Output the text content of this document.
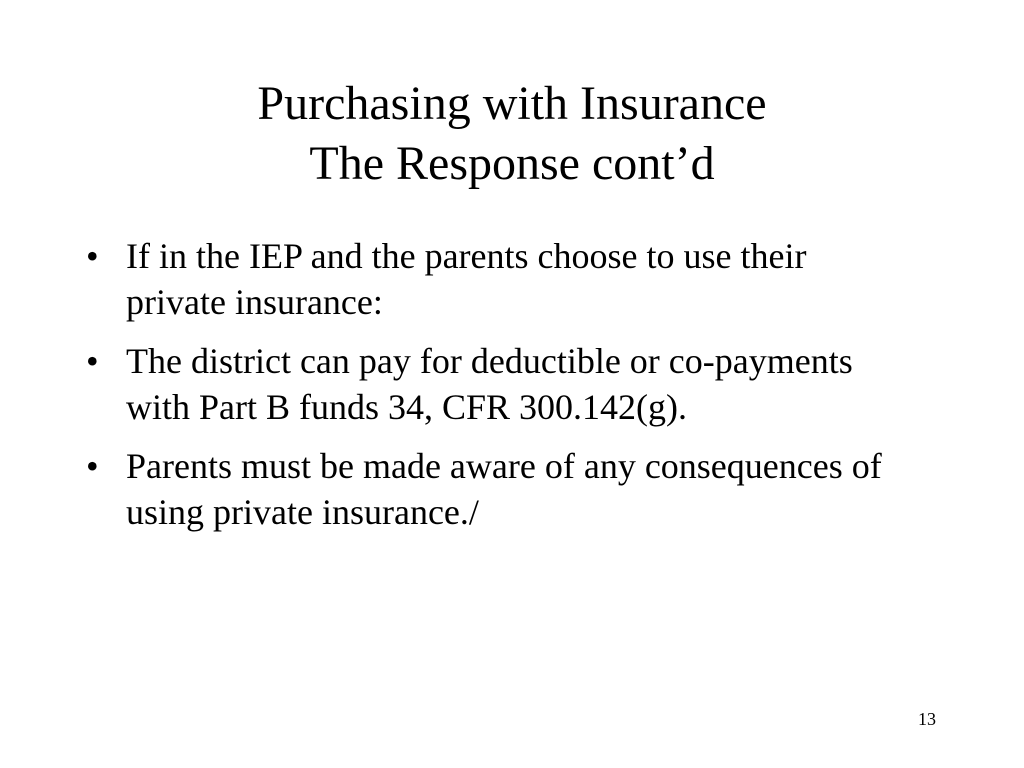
Purchasing with Insurance
The Response cont’d
• If in the IEP and the parents choose to use their private insurance:
• The district can pay for deductible or co-payments with Part B funds 34, CFR 300.142(g).
• Parents must be made aware of any consequences of using private insurance./
13
